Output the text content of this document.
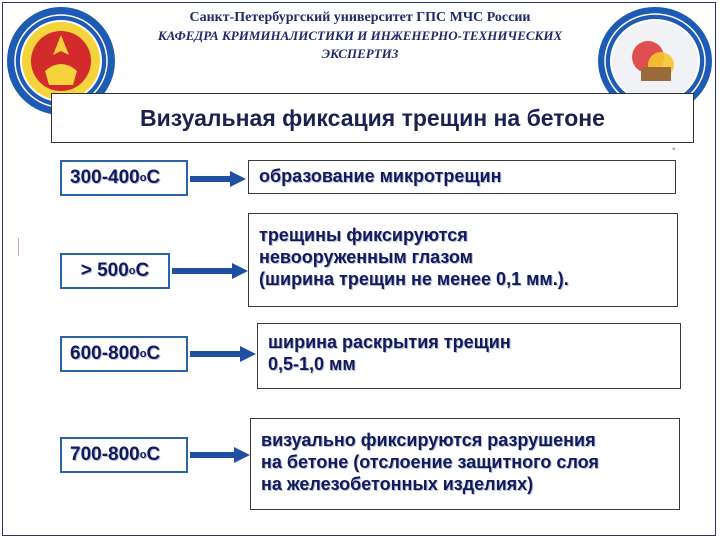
Санкт-Петербургский университет ГПС МЧС России
КАФЕДРА КРИМИНАЛИСТИКИ И ИНЖЕНЕРНО-ТЕХНИЧЕСКИХ
ЭКСПЕРТИЗ
Визуальная фиксация трещин на бетоне
°
300-400 o C	образование микротрещин
> 500 o C
трещины фиксируются
невооруженным глазом
(ширина трещин не менее 0,1 мм.).
600-800 o C
ширина раскрытия трещин
0,5-1,0 мм
700-800 o C
визуально фиксируются разрушения
на бетоне (отслоение защитного слоя
на железобетонных изделиях)
